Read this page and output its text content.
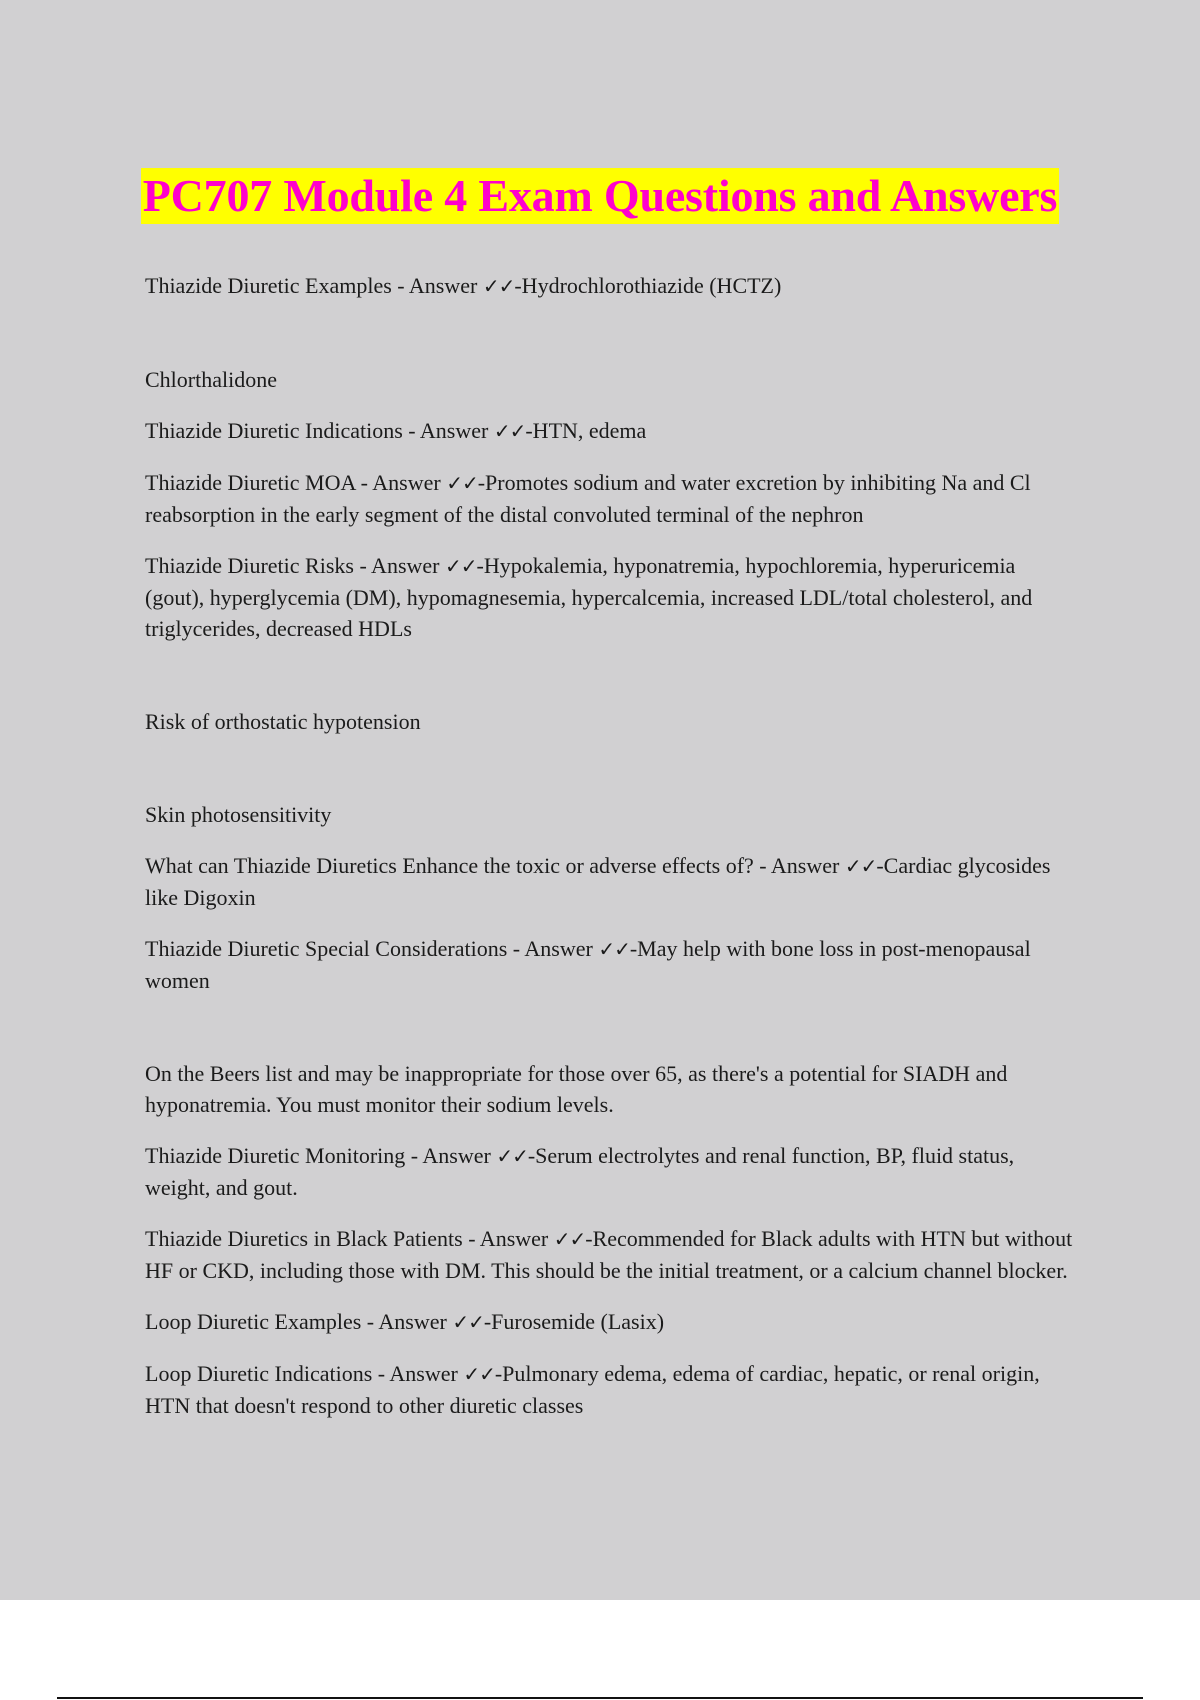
PC707 Module 4 Exam Questions and Answers

Thiazide Diuretic Examples - Answer ✓✓-Hydrochlorothiazide (HCTZ)

Chlorthalidone

Thiazide Diuretic Indications - Answer ✓✓-HTN, edema

Thiazide Diuretic MOA - Answer ✓✓-Promotes sodium and water excretion by inhibiting Na and Cl reabsorption in the early segment of the distal convoluted terminal of the nephron

Thiazide Diuretic Risks - Answer ✓✓-Hypokalemia, hyponatremia, hypochloremia, hyperuricemia (gout), hyperglycemia (DM), hypomagnesemia, hypercalcemia, increased LDL/total cholesterol, and triglycerides, decreased HDLs

Risk of orthostatic hypotension

Skin photosensitivity

What can Thiazide Diuretics Enhance the toxic or adverse effects of? - Answer ✓✓-Cardiac glycosides like Digoxin

Thiazide Diuretic Special Considerations - Answer ✓✓-May help with bone loss in post-menopausal women

On the Beers list and may be inappropriate for those over 65, as there's a potential for SIADH and hyponatremia. You must monitor their sodium levels.

Thiazide Diuretic Monitoring - Answer ✓✓-Serum electrolytes and renal function, BP, fluid status, weight, and gout.

Thiazide Diuretics in Black Patients - Answer ✓✓-Recommended for Black adults with HTN but without HF or CKD, including those with DM. This should be the initial treatment, or a calcium channel blocker.

Loop Diuretic Examples - Answer ✓✓-Furosemide (Lasix)

Loop Diuretic Indications - Answer ✓✓-Pulmonary edema, edema of cardiac, hepatic, or renal origin, HTN that doesn't respond to other diuretic classes
